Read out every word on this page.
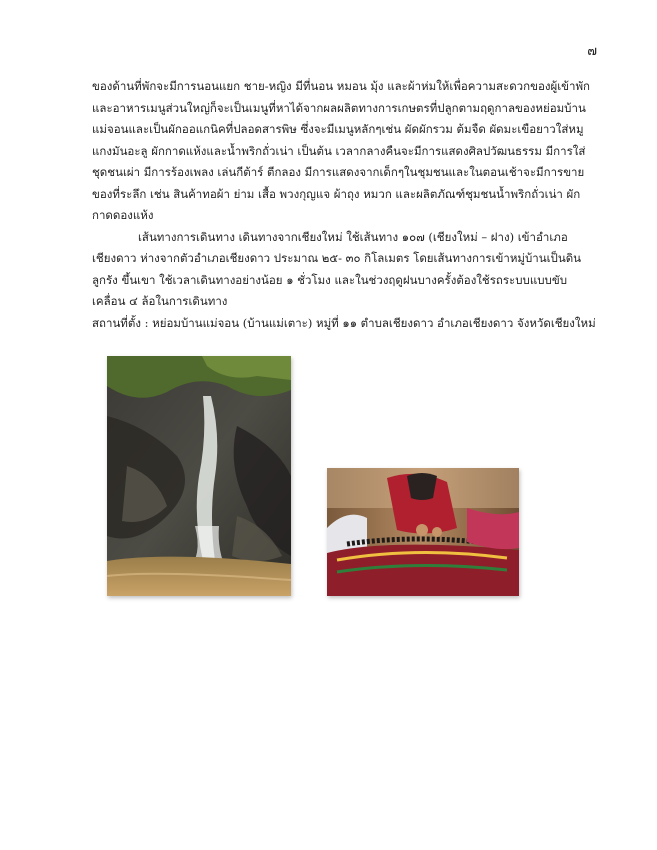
๗

ของด้านที่พักจะมีการนอนแยก ชาย-หญิง มีที่นอน หมอน มุ้ง และผ้าห่มให้เพื่อความสะดวกของผู้เข้าพัก และอาหารเมนูส่วนใหญ่ก็จะเป็นเมนูที่หาได้จากผลผลิตทางการเกษตรที่ปลูกตามฤดูกาลของหย่อมบ้านแม่จอนและเป็นผักออแกนิคที่ปลอดสารพิษ ซึ่งจะมีเมนูหลักๆเช่น ผัดผักรวม ต้มจืด ผัดมะเขือยาวใส่หมู แกงมันอะลู ผักกาดแห้งและน้ำพริกถั่วเน่า เป็นต้น เวลากลางคืนจะมีการแสดงศิลปวัฒนธรรม มีการใส่ชุดชนเผ่า มีการร้องเพลง เล่นกีต้าร์ ตีกลอง มีการแสดงจากเด็กๆในชุมชนและในตอนเช้าจะมีการขายของที่ระลึก เช่น สินค้าทอผ้า ย่าม เสื้อ พวงกุญแจ ผ้าถุง หมวก และผลิตภัณฑ์ชุมชนน้ำพริกถั่วเน่า ผักกาดดองแห้ง

เส้นทางการเดินทาง เดินทางจากเชียงใหม่ ใช้เส้นทาง ๑๐๗ (เชียงใหม่ – ฝาง) เข้าอำเภอเชียงดาว ห่างจากตัวอำเภอเชียงดาว ประมาณ ๒๕- ๓๐ กิโลเมตร โดยเส้นทางการเข้าหมู่บ้านเป็นดินลูกรัง ขึ้นเขา ใช้เวลาเดินทางอย่างน้อย ๑ ชั่วโมง และในช่วงฤดูฝนบางครั้งต้องใช้รถระบบแบบขับเคลื่อน ๔ ล้อในการเดินทาง

สถานที่ตั้ง : หย่อมบ้านแม่จอน (บ้านแม่เตาะ) หมู่ที่ ๑๑ ตำบลเชียงดาว อำเภอเชียงดาว จังหวัดเชียงใหม่
